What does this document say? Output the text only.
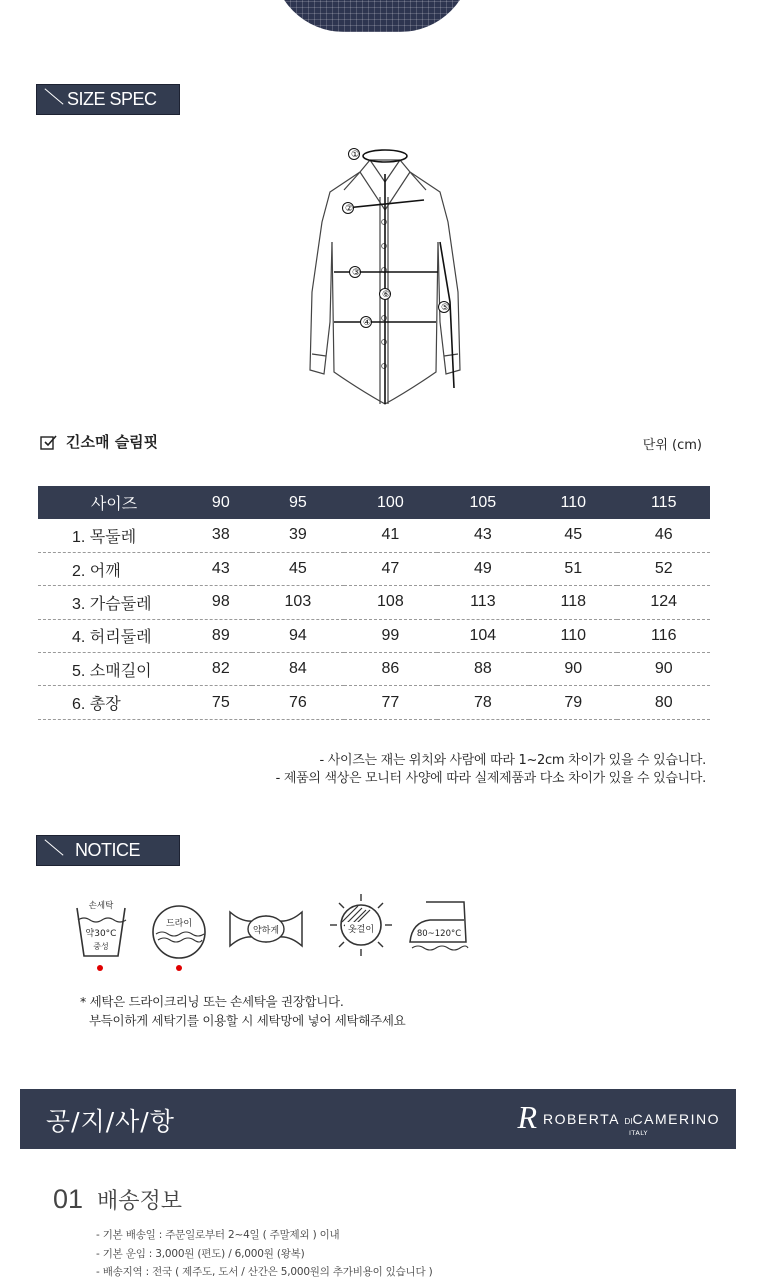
SIZE SPEC
①
②
③
④
⑤
⑥
긴소매 슬림핏	단위 (cm)
사이즈	90	95	100	105	110	115
1. 목둘레	38	39	41	43	45	46
2. 어깨	43	45	47	49	51	52
3. 가슴둘레	98	103	108	113	118	124
4. 허리둘레	89	94	99	104	110	116
5. 소매길이	82	84	86	88	90	90
6. 총장	75	76	77	78	79	80
- 사이즈는 재는 위치와 사람에 따라 1~2cm 차이가 있을 수 있습니다.
- 제품의 색상은 모니터 사양에 따라 실제제품과 다소 차이가 있을 수 있습니다.
NOTICE
손세탁
약30°C
중성
드라이
약하게	옷걸이	80~120°C
* 세탁은 드라이크리닝 또는 손세탁을 권장합니다.
부득이하게 세탁기를 이용할 시 세탁망에 넣어 세탁해주세요
공/지/사/항	R ROBERTA DICAMERINO
ITALY
01 배송정보
- 기본 배송일 : 주문일로부터 2~4일 ( 주말제외 ) 이내
- 기본 운임 : 3,000원 (편도) / 6,000원 (왕복)
- 배송지역 : 전국 ( 제주도, 도서 / 산간은 5,000원의 추가비용이 있습니다 )
